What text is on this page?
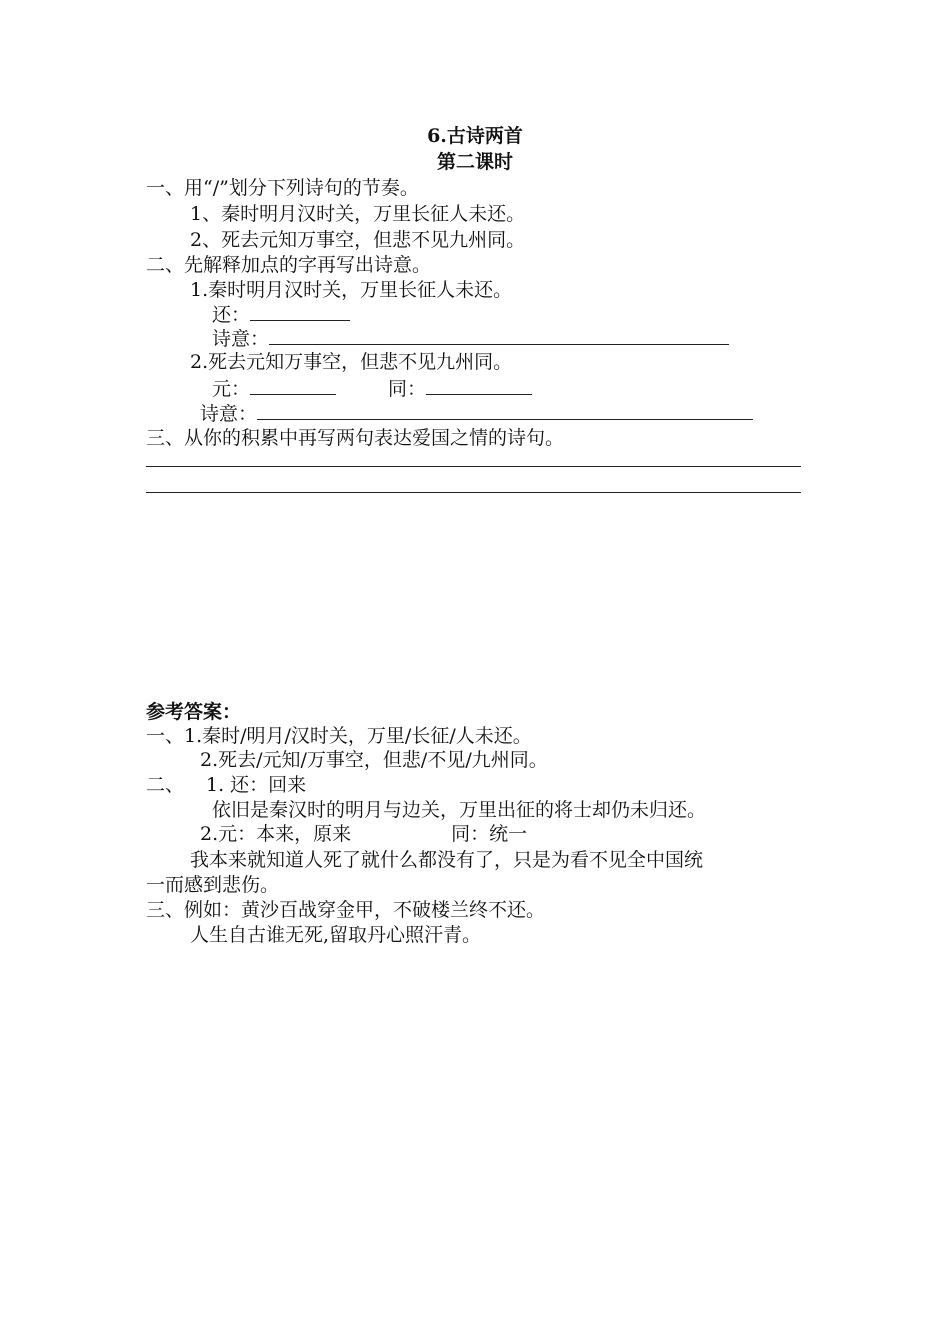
6.古诗两首
第二课时
一、用“/”划分下列诗句的节奏。
1、秦时明月汉时关，万里长征人未还。
2、死去元知万事空，但悲不见九州同。
二、先解释加点的字再写出诗意。
1.秦时明月汉时关，万里长征人未还。
还：
诗意：
2.死去元知万事空，但悲不见九州同。
元：	同：
诗意：
三、从你的积累中再写两句表达爱国之情的诗句。
参考答案：
一、1.秦时/明月/汉时关，万里/长征/人未还。
2.死去/元知/万事空，但悲/不见/九州同。
二、 1. 还：回来
依旧是秦汉时的明月与边关，万里出征的将士却仍未归还。
2.元：本来，原来	同：统一
我本来就知道人死了就什么都没有了，只是为看不见全中国统
一而感到悲伤。
三、例如：黄沙百战穿金甲，不破楼兰终不还。
人生自古谁无死,留取丹心照汗青。
